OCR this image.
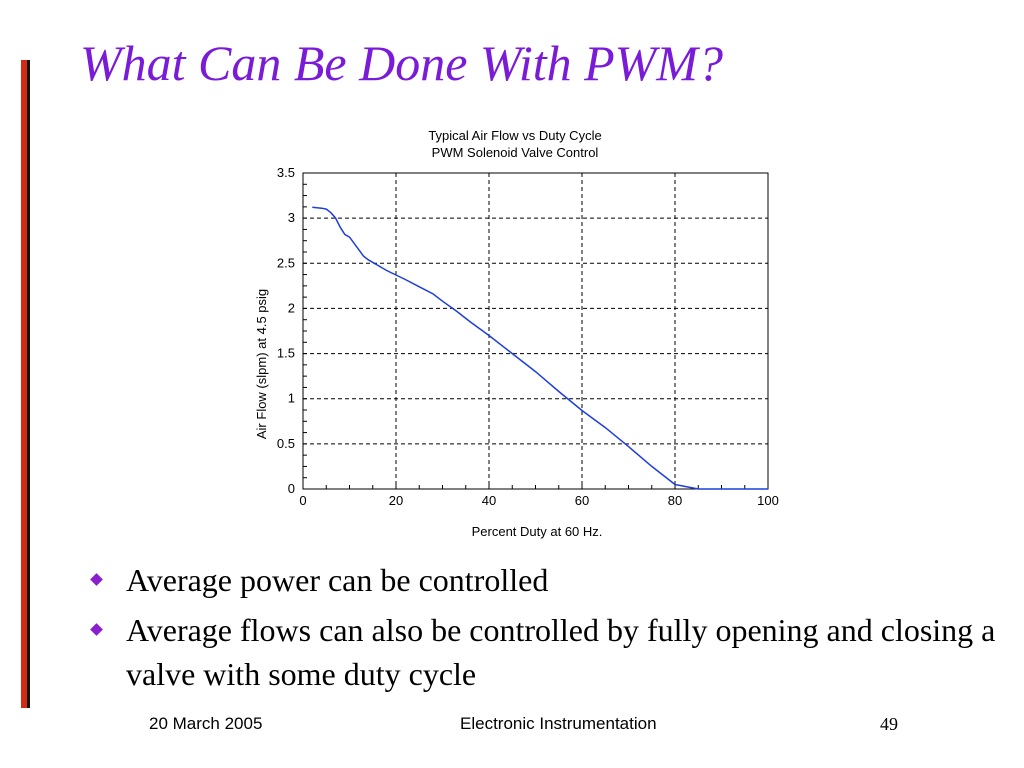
What Can Be Done With PWM?
Typical Air Flow vs Duty Cycle
PWM Solenoid Valve Control
Percent Duty at 60 Hz.
Air Flow (slpm) at 4.5 psig
0	20	40	60	80	100
0
0.5
1
1.5
2
2.5
3
3.5
Average power can be controlled
Average flows can also be controlled by fully opening and closing a valve with some duty cycle
20 March 2005	Electronic Instrumentation	49
